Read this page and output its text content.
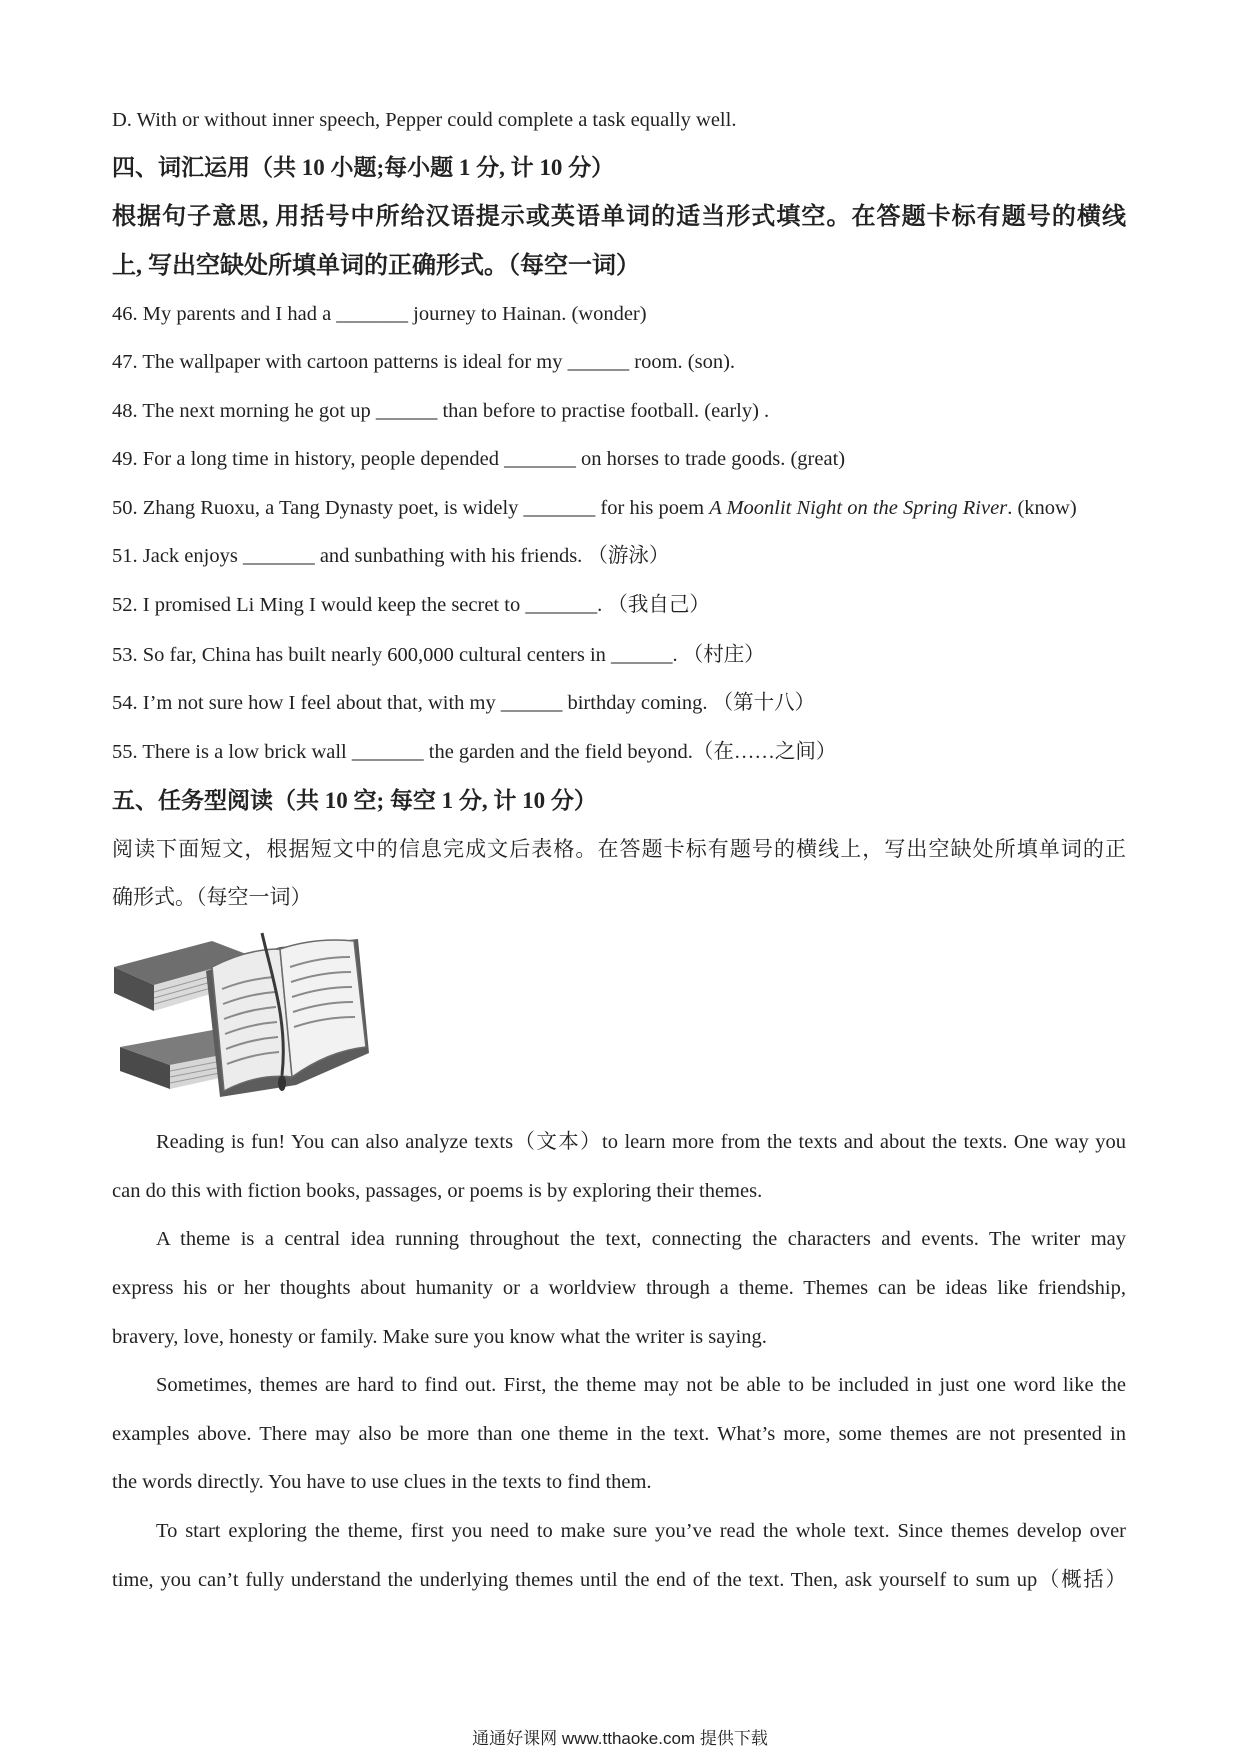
D. With or without inner speech, Pepper could complete a task equally well.
四、词汇运用（共 10 小题;每小题 1 分, 计 10 分）
根据句子意思, 用括号中所给汉语提示或英语单词的适当形式填空。在答题卡标有题号的横线
上, 写出空缺处所填单词的正确形式。（每空一词）
46. My parents and I had a _______ journey to Hainan. (wonder)
47. The wallpaper with cartoon patterns is ideal for my ______ room. (son).
48. The next morning he got up ______ than before to practise football. (early) .
49. For a long time in history, people depended _______ on horses to trade goods. (great)
50. Zhang Ruoxu, a Tang Dynasty poet, is widely _______ for his poem A Moonlit Night on the Spring River. (know)
51. Jack enjoys _______ and sunbathing with his friends. （游泳）
52. I promised Li Ming I would keep the secret to _______. （我自己）
53. So far, China has built nearly 600,000 cultural centers in ______. （村庄）
54. I’m not sure how I feel about that, with my ______ birthday coming. （第十八）
55. There is a low brick wall _______ the garden and the field beyond.（在……之间）
五、任务型阅读（共 10 空; 每空 1 分, 计 10 分）
阅读下面短文，根据短文中的信息完成文后表格。在答题卡标有题号的横线上，写出空缺处所填单词的正
确形式。（每空一词）
Reading is fun! You can also analyze texts（文本）to learn more from the texts and about the texts. One way you
can do this with fiction books, passages, or poems is by exploring their themes.
A theme is a central idea running throughout the text, connecting the characters and events. The writer may
express his or her thoughts about humanity or a worldview through a theme. Themes can be ideas like friendship,
bravery, love, honesty or family. Make sure you know what the writer is saying.
Sometimes, themes are hard to find out. First, the theme may not be able to be included in just one word like the
examples above. There may also be more than one theme in the text. What’s more, some themes are not presented in
the words directly. You have to use clues in the texts to find them.
To start exploring the theme, first you need to make sure you’ve read the whole text. Since themes develop over
time, you can’t fully understand the underlying themes until the end of the text. Then, ask yourself to sum up（概括）
通通好课网 www.tthaoke.com 提供下载
